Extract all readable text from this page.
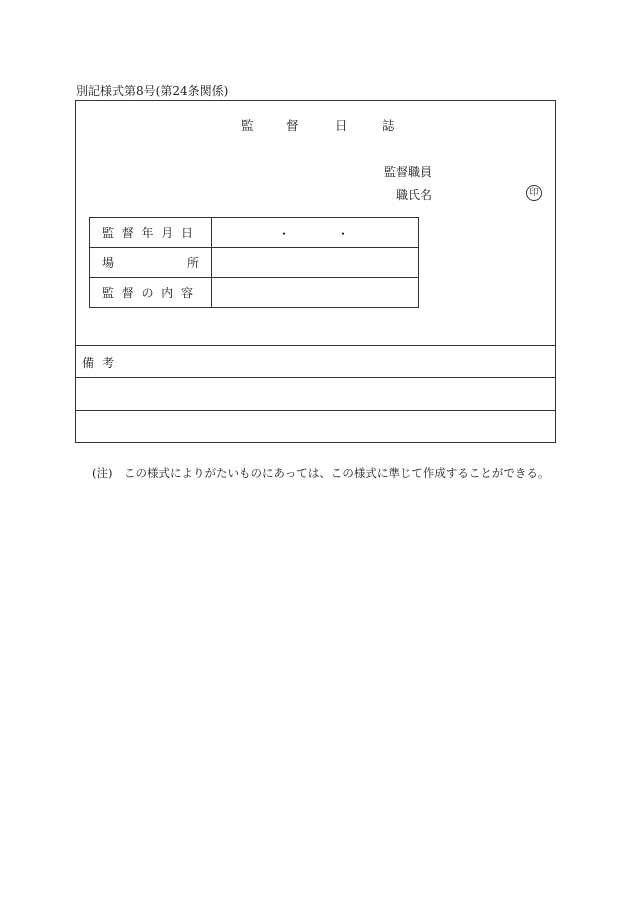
別記様式第8号(第24条関係)
監	督	日	誌
監督職員
職氏名	印
監 督 年 月 日	・ ・

場 所	

監 督 の 内 容	

備考
(注)　この様式によりがたいものにあっては、この様式に準じて作成することができる。
